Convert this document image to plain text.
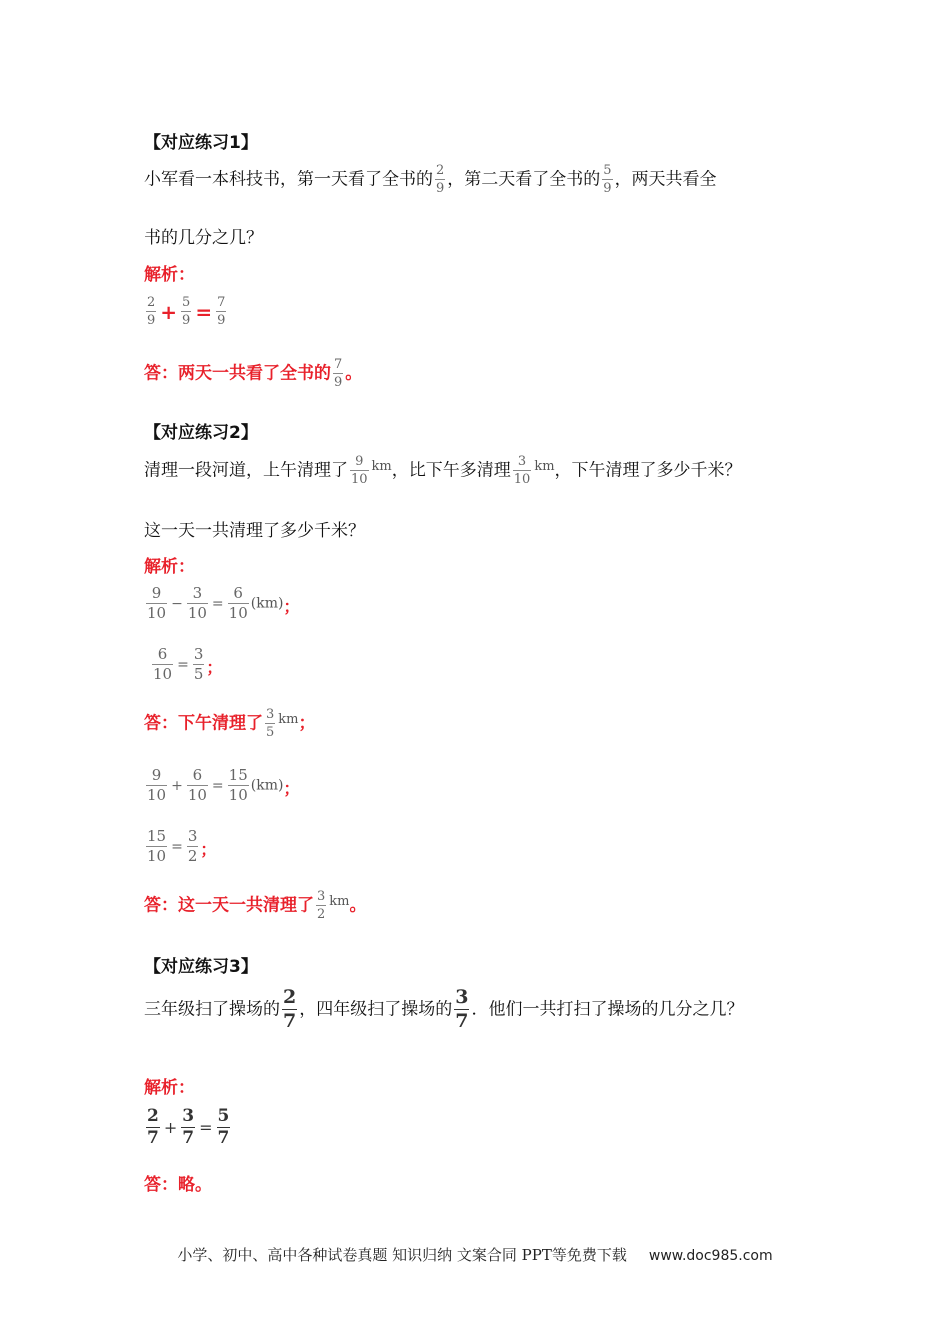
【对应练习1】
小军看一本科技书，第一天看了全书的 $\frac{2}{9}$ ，第二天看了全书的 $\frac{5}{9}$ ，两天共看全
书的几分之几？
解析：
$\frac{2}{9} + \frac{5}{9} = \frac{7}{9}$
答：两天一共看了全书的 $\frac{7}{9}$ 。
【对应练习2】
清理一段河道，上午清理了 $\frac{9}{10} ^{km}$，比下午多清理 $\frac{3}{10} ^{km}$，下午清理了多少千米？
这一天一共清理了多少千米？
解析：
$\frac{9}{10} - \frac{3}{10} = \frac{6}{10} (km)$；
$\frac{6}{10} = \frac{3}{5}$ ；
答：下午清理了 $\frac{3}{5} ^{km}$；
$\frac{9}{10} + \frac{6}{10} = \frac{15}{10} (km)$；
$\frac{15}{10} = \frac{3}{2}$ ；
答：这一天一共清理了 $\frac{3}{2} ^{km}$。
【对应练习3】
三年级扫了操场的 $\frac{2}{7}$ ，四年级扫了操场的 $\frac{3}{7}$ ．他们一共打扫了操场的几分之几？
解析：
$\frac{2}{7} + \frac{3}{7} = \frac{5}{7}$
答：略。
小学、初中、高中各种试卷真题 知识归纳 文案合同 PPT等免费下载 www.doc985.com
